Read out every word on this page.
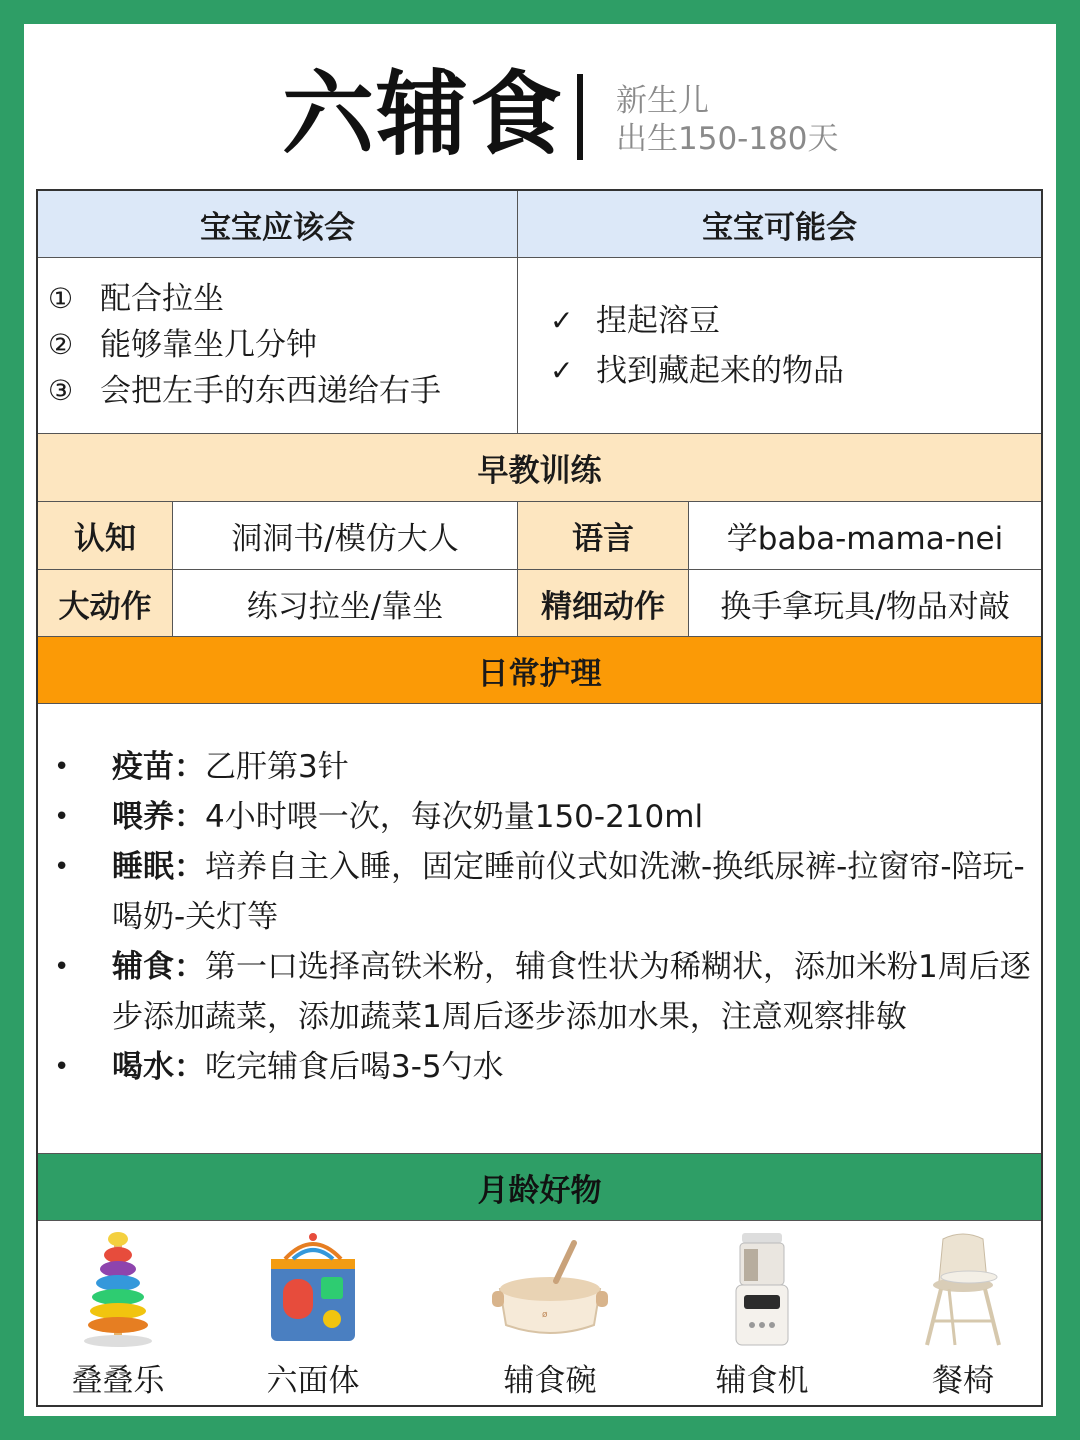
六辅食 新生儿
出生150-180天
宝宝应该会	宝宝可能会
① 配合拉坐
② 能够靠坐几分钟
③ 会把左手的东西递给右手
✓ 捏起溶豆
✓ 找到藏起来的物品
早教训练
认知	洞洞书/模仿大人	语言	学baba-mama-nei
大动作	练习拉坐/靠坐	精细动作	换手拿玩具/物品对敲
日常护理
•	疫苗：乙肝第3针
•	喂养：4小时喂一次，每次奶量150-210ml
•	睡眠：培养自主入睡，固定睡前仪式如洗漱-换纸尿裤-拉窗帘-陪玩-喝奶-关灯等
•	辅食：第一口选择高铁米粉，辅食性状为稀糊状，添加米粉1周后逐步添加蔬菜，添加蔬菜1周后逐步添加水果，注意观察排敏
•	喝水：吃完辅食后喝3-5勺水
月龄好物
叠叠乐	六面体
ø
辅食碗	辅食机	餐椅
